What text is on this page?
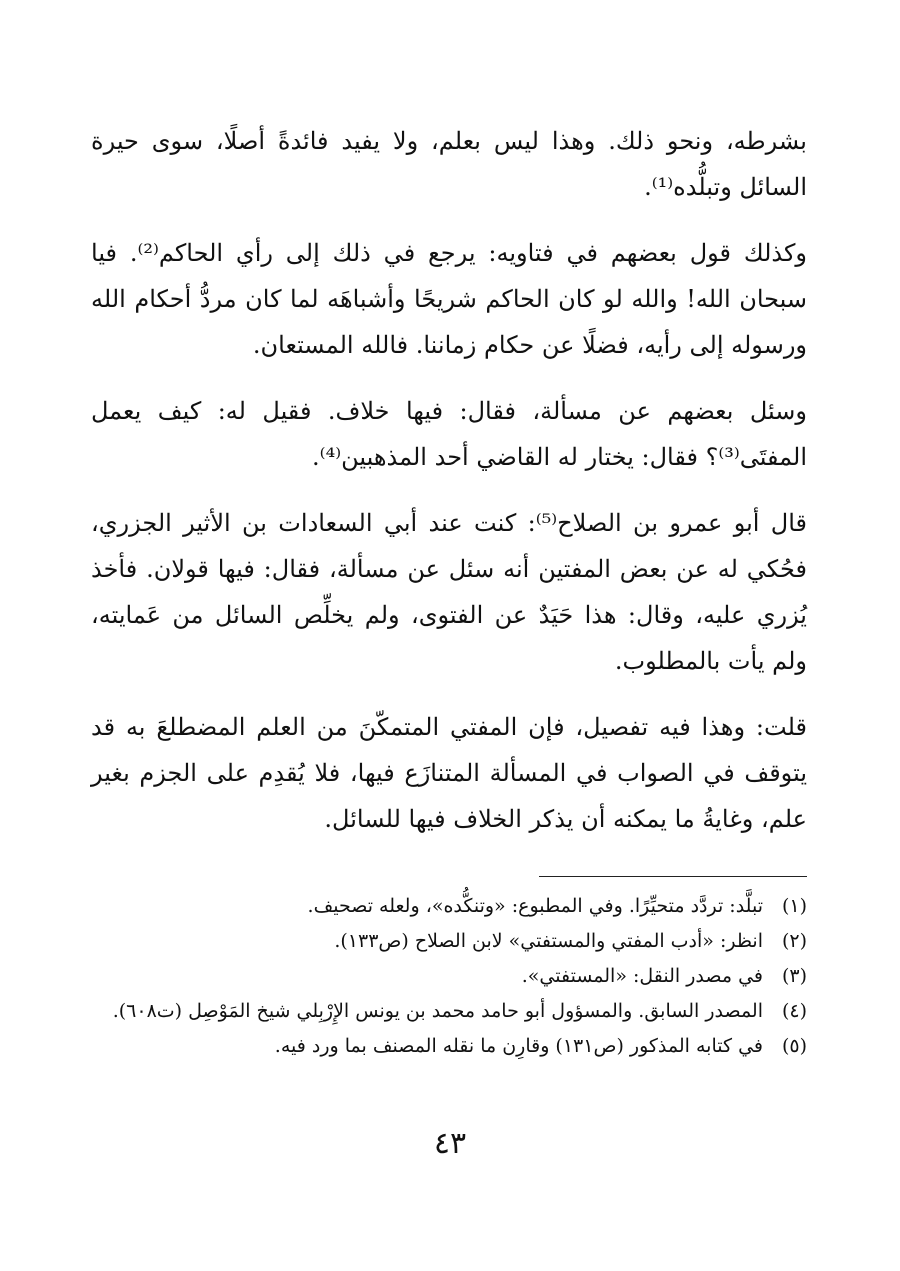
بشرطه، ونحو ذلك. وهذا ليس بعلم، ولا يفيد فائدةً أصلًا، سوى حيرة السائل وتبلُّده⁽¹⁾.

وكذلك قول بعضهم في فتاويه: يرجع في ذلك إلى رأي الحاكم⁽²⁾. فيا سبحان الله! والله لو كان الحاكم شريحًا وأشباهَه لما كان مردُّ أحكام الله ورسوله إلى رأيه، فضلًا عن حكام زماننا. فالله المستعان.

وسئل بعضهم عن مسألة، فقال: فيها خلاف. فقيل له: كيف يعمل المفتَى⁽³⁾؟ فقال: يختار له القاضي أحد المذهبين⁽⁴⁾.

قال أبو عمرو بن الصلاح⁽⁵⁾: كنت عند أبي السعادات بن الأثير الجزري، فحُكي له عن بعض المفتين أنه سئل عن مسألة، فقال: فيها قولان. فأخذ يُزري عليه، وقال: هذا حَيَدٌ عن الفتوى، ولم يخلِّص السائل من عَمايته، ولم يأت بالمطلوب.

قلت: وهذا فيه تفصيل، فإن المفتي المتمكّنَ من العلم المضطلعَ به قد يتوقف في الصواب في المسألة المتنازَع فيها، فلا يُقدِم على الجزم بغير علم، وغايةُ ما يمكنه أن يذكر الخلاف فيها للسائل.

(١)
تبلَّد: تردَّد متحيِّرًا. وفي المطبوع: «وتنكُّده»، ولعله تصحيف.
(٢)
انظر: «أدب المفتي والمستفتي» لابن الصلاح (ص١٣٣).
(٣)
في مصدر النقل: «المستفتي».
(٤)
المصدر السابق. والمسؤول أبو حامد محمد بن يونس الإِرْبِلي شيخ المَوْصِل (ت٦٠٨).
(٥)
في كتابه المذكور (ص١٣١) وقارِن ما نقله المصنف بما ورد فيه.
٤٣
